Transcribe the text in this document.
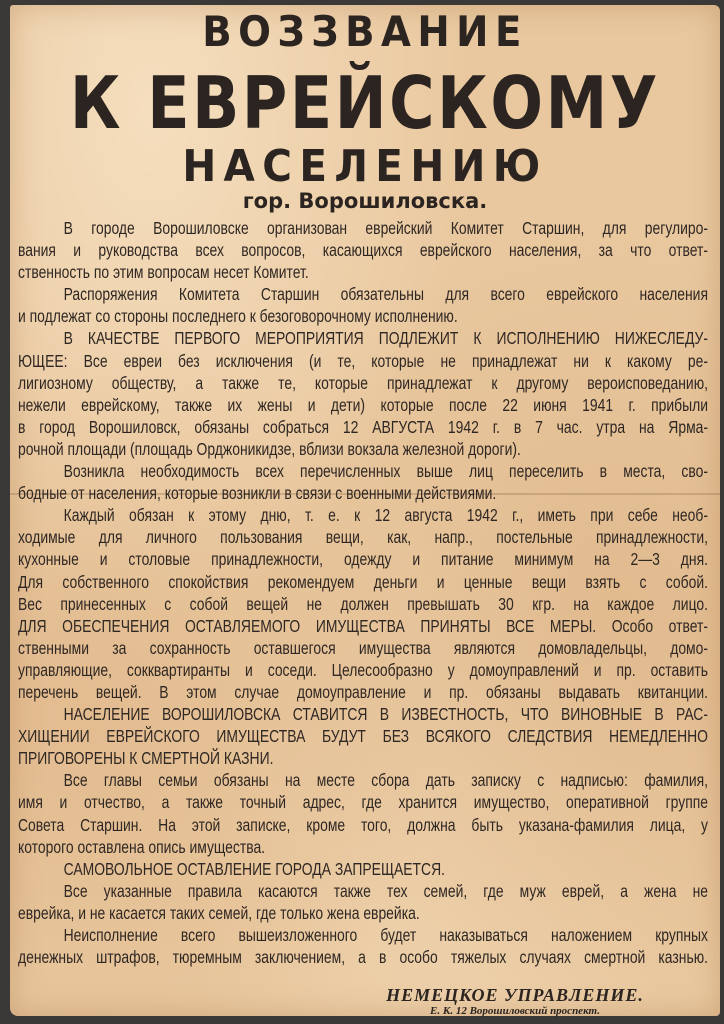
ВОЗЗВАНИЕ
К ЕВРЕЙСКОМУ
НАСЕЛЕНИЮ
гор. Ворошиловска.
В городе Ворошиловске организован еврейский Комитет Старшин, для регулиро-
вания и руководства всех вопросов, касающихся еврейского населения, за что ответ-
ственность по этим вопросам несет Комитет.
Распоряжения Комитета Старшин обязательны для всего еврейского населения
и подлежат со стороны последнего к безоговорочному исполнению.
В КАЧЕСТВЕ ПЕРВОГО МЕРОПРИЯТИЯ ПОДЛЕЖИТ К ИСПОЛНЕНИЮ НИЖЕСЛЕДУ-
ЮЩЕЕ: Все евреи без исключения (и те, которые не принадлежат ни к какому ре-
лигиозному обществу, а также те, которые принадлежат к другому вероисповеданию,
нежели еврейскому, также их жены и дети) которые после 22 июня 1941 г. прибыли
в город Ворошиловск, обязаны собраться 12 АВГУСТА 1942 г. в 7 час. утра на Ярма-
рочной площади (площадь Орджоникидзе, вблизи вокзала железной дороги).
Возникла необходимость всех перечисленных выше лиц переселить в места, сво-
бодные от населения, которые возникли в связи с военными действиями.
Каждый обязан к этому дню, т. е. к 12 августа 1942 г., иметь при себе необ-
ходимые для личного пользования вещи, как, напр., постельные принадлежности,
кухонные и столовые принадлежности, одежду и питание минимум на 2—3 дня.
Для собственного спокойствия рекомендуем деньги и ценные вещи взять с собой.
Вес принесенных с собой вещей не должен превышать 30 кгр. на каждое лицо.
ДЛЯ ОБЕСПЕЧЕНИЯ ОСТАВЛЯЕМОГО ИМУЩЕСТВА ПРИНЯТЫ ВСЕ МЕРЫ. Особо ответ-
ственными за сохранность оставшегося имущества являются домовладельцы, домо-
управляющие, сокквартиранты и соседи. Целесообразно у домоуправлений и пр. оставить
перечень вещей. В этом случае домоуправление и пр. обязаны выдавать квитанции.
НАСЕЛЕНИЕ ВОРОШИЛОВСКА СТАВИТСЯ В ИЗВЕСТНОСТЬ, ЧТО ВИНОВНЫЕ В РАС-
ХИЩЕНИИ ЕВРЕЙСКОГО ИМУЩЕСТВА БУДУТ БЕЗ ВСЯКОГО СЛЕДСТВИЯ НЕМЕДЛЕННО
ПРИГОВОРЕНЫ К СМЕРТНОЙ КАЗНИ.
Все главы семьи обязаны на месте сбора дать записку с надписью: фамилия,
имя и отчество, а также точный адрес, где хранится имущество, оперативной группе
Совета Старшин. На этой записке, кроме того, должна быть указана-фамилия лица, у
которого оставлена опись имущества.
САМОВОЛЬНОЕ ОСТАВЛЕНИЕ ГОРОДА ЗАПРЕЩАЕТСЯ.
Все указанные правила касаются также тех семей, где муж еврей, а жена не
еврейка, и не касается таких семей, где только жена еврейка.
Неисполнение всего вышеизложенного будет наказываться наложением крупных
денежных штрафов, тюремным заключением, а в особо тяжелых случаях смертной казнью.
НЕМЕЦКОЕ УПРАВЛЕНИЕ.
Е. К. 12 Ворошиловский проспект.
